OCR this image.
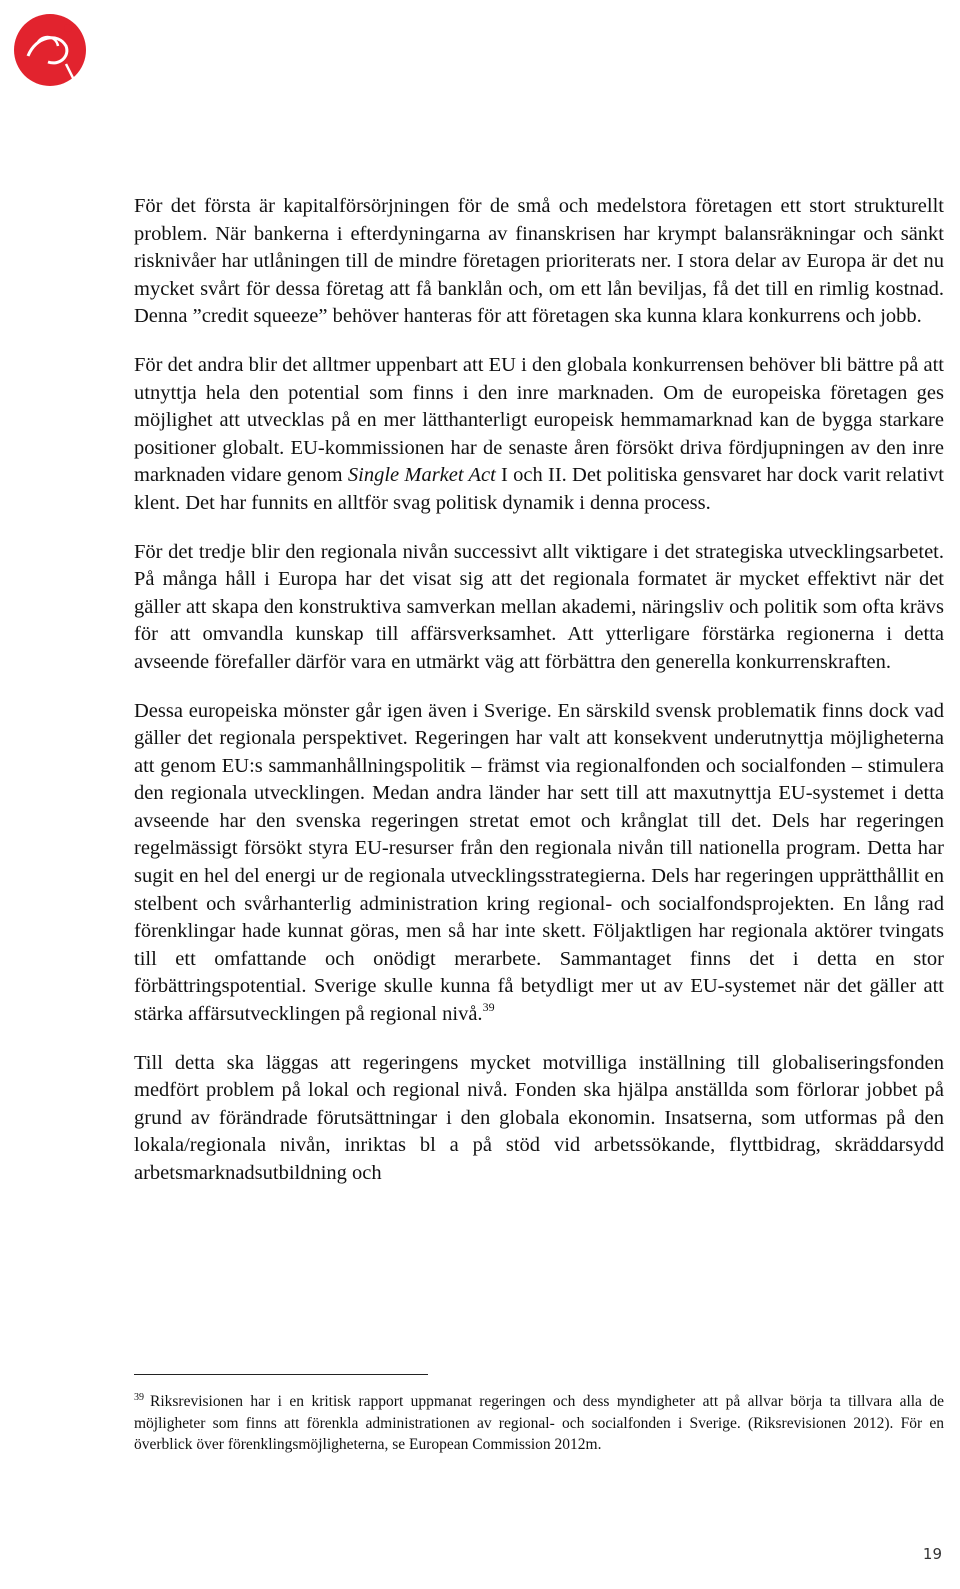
För det första är kapitalförsörjningen för de små och medelstora företagen ett stort strukturellt problem. När bankerna i efterdyningarna av finanskrisen har krympt balansräkningar och sänkt risknivåer har utlåningen till de mindre företagen prioriterats ner. I stora delar av Europa är det nu mycket svårt för dessa företag att få banklån och, om ett lån beviljas, få det till en rimlig kostnad. Denna ”credit squeeze” behöver hanteras för att företagen ska kunna klara konkurrens och jobb.

För det andra blir det alltmer uppenbart att EU i den globala konkurrensen behöver bli bättre på att utnyttja hela den potential som finns i den inre marknaden. Om de europeiska företagen ges möjlighet att utvecklas på en mer lätthanterligt europeisk hemmamarknad kan de bygga starkare positioner globalt. EU-kommissionen har de senaste åren försökt driva fördjupningen av den inre marknaden vidare genom Single Market Act I och II. Det politiska gensvaret har dock varit relativt klent. Det har funnits en alltför svag politisk dynamik i denna process.

För det tredje blir den regionala nivån successivt allt viktigare i det strategiska utvecklingsarbetet. På många håll i Europa har det visat sig att det regionala formatet är mycket effektivt när det gäller att skapa den konstruktiva samverkan mellan akademi, näringsliv och politik som ofta krävs för att omvandla kunskap till affärsverksamhet. Att ytterligare förstärka regionerna i detta avseende förefaller därför vara en utmärkt väg att förbättra den generella konkurrenskraften.

Dessa europeiska mönster går igen även i Sverige. En särskild svensk problematik finns dock vad gäller det regionala perspektivet. Regeringen har valt att konsekvent underutnyttja möjligheterna att genom EU:s sammanhållningspolitik – främst via regionalfonden och socialfonden – stimulera den regionala utvecklingen. Medan andra länder har sett till att maxutnyttja EU-systemet i detta avseende har den svenska regeringen stretat emot och krånglat till det. Dels har regeringen regelmässigt försökt styra EU-resurser från den regionala nivån till nationella program. Detta har sugit en hel del energi ur de regionala utvecklingsstrategierna. Dels har regeringen upprätthållit en stelbent och svårhanterlig administration kring regional- och socialfondsprojekten. En lång rad förenklingar hade kunnat göras, men så har inte skett. Följaktligen har regionala aktörer tvingats till ett omfattande och onödigt merarbete. Sammantaget finns det i detta en stor förbättringspotential. Sverige skulle kunna få betydligt mer ut av EU-systemet när det gäller att stärka affärsutvecklingen på regional nivå.$^{39}$

Till detta ska läggas att regeringens mycket motvilliga inställning till globaliseringsfonden medfört problem på lokal och regional nivå. Fonden ska hjälpa anställda som förlorar jobbet på grund av förändrade förutsättningar i den globala ekonomin. Insatserna, som utformas på den lokala/regionala nivån, inriktas bl a på stöd vid arbetssökande, flyttbidrag, skräddarsydd arbetsmarknadsutbildning och

$^{39}$ Riksrevisionen har i en kritisk rapport uppmanat regeringen och dess myndigheter att på allvar börja ta tillvara alla de möjligheter som finns att förenkla administrationen av regional- och socialfonden i Sverige. (Riksrevisionen 2012). För en överblick över förenklingsmöjligheterna, se European Commission 2012m.
19
